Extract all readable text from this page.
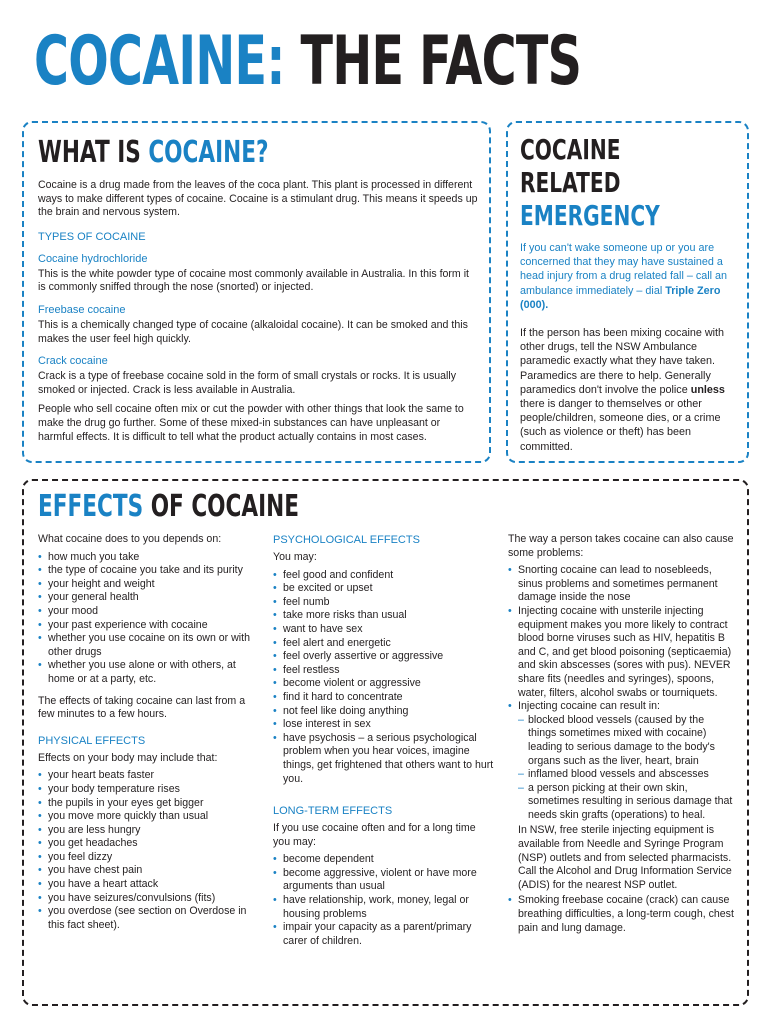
COCAINE: THE FACTS
WHAT IS COCAINE?

Cocaine is a drug made from the leaves of the coca plant. This plant is processed in different ways to make different types of cocaine. Cocaine is a stimulant drug. This means it speeds up the brain and nervous system.

TYPES OF COCAINE

Cocaine hydrochloride

This is the white powder type of cocaine most commonly available in Australia. In this form it is commonly sniffed through the nose (snorted) or injected.

Freebase cocaine

This is a chemically changed type of cocaine (alkaloidal cocaine). It can be smoked and this makes the user feel high quickly.

Crack cocaine

Crack is a type of freebase cocaine sold in the form of small crystals or rocks. It is usually smoked or injected. Crack is less available in Australia.

People who sell cocaine often mix or cut the powder with other things that look the same to make the drug go further. Some of these mixed-in substances can have unpleasant or harmful effects. It is difficult to tell what the product actually contains in most cases.

COCAINE
RELATED
EMERGENCY

If you can't wake someone up or you are concerned that they may have sustained a head injury from a drug related fall – call an ambulance immediately – dial Triple Zero (000).

If the person has been mixing cocaine with other drugs, tell the NSW Ambulance paramedic exactly what they have taken. Paramedics are there to help. Generally paramedics don't involve the police unless there is danger to themselves or other people/children, someone dies, or a crime (such as violence or theft) has been committed.

EFFECTS OF COCAINE

What cocaine does to you depends on:

• how much you take
• the type of cocaine you take and its purity
• your height and weight
• your general health
• your mood
• your past experience with cocaine
• whether you use cocaine on its own or with other drugs
• whether you use alone or with others, at home or at a party, etc.

The effects of taking cocaine can last from a few minutes to a few hours.

PHYSICAL EFFECTS

Effects on your body may include that:

• your heart beats faster
• your body temperature rises
• the pupils in your eyes get bigger
• you move more quickly than usual
• you are less hungry
• you get headaches
• you feel dizzy
• you have chest pain
• you have a heart attack
• you have seizures/convulsions (fits)
• you overdose (see section on Overdose in this fact sheet).

PSYCHOLOGICAL EFFECTS

You may:

• feel good and confident
• be excited or upset
• feel numb
• take more risks than usual
• want to have sex
• feel alert and energetic
• feel overly assertive or aggressive
• feel restless
• become violent or aggressive
• find it hard to concentrate
• not feel like doing anything
• lose interest in sex
• have psychosis – a serious psychological problem when you hear voices, imagine things, get frightened that others want to hurt you.

LONG-TERM EFFECTS

If you use cocaine often and for a long time you may:

• become dependent
• become aggressive, violent or have more arguments than usual
• have relationship, work, money, legal or housing problems
• impair your capacity as a parent/primary carer of children.

The way a person takes cocaine can also cause some problems:

• Snorting cocaine can lead to nosebleeds, sinus problems and sometimes permanent damage inside the nose
• Injecting cocaine with unsterile injecting equipment makes you more likely to contract blood borne viruses such as HIV, hepatitis B and C, and get blood poisoning (septicaemia) and skin abscesses (sores with pus). NEVER share fits (needles and syringes), spoons, water, filters, alcohol swabs or tourniquets.
• Injecting cocaine can result in:
– blocked blood vessels (caused by the things sometimes mixed with cocaine) leading to serious damage to the body's organs such as the liver, heart, brain
– inflamed blood vessels and abscesses
– a person picking at their own skin, sometimes resulting in serious damage that needs skin grafts (operations) to heal.

In NSW, free sterile injecting equipment is available from Needle and Syringe Program (NSP) outlets and from selected pharmacists. Call the Alcohol and Drug Information Service (ADIS) for the nearest NSP outlet.

• Smoking freebase cocaine (crack) can cause breathing difficulties, a long-term cough, chest pain and lung damage.
